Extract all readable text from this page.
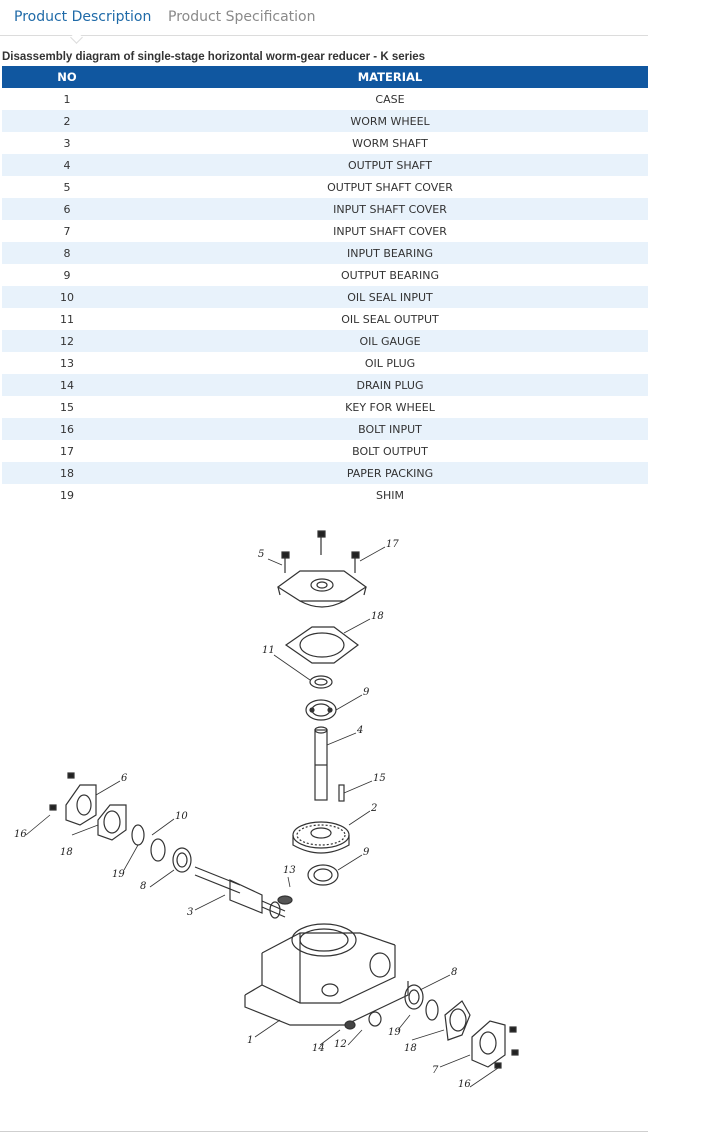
Product Description Product Specification
Disassembly diagram of single-stage horizontal worm-gear reducer - K series
NO	MATERIAL
1	CASE
2	WORM WHEEL
3	WORM SHAFT
4	OUTPUT SHAFT
5	OUTPUT SHAFT COVER
6	INPUT SHAFT COVER
7	INPUT SHAFT COVER
8	INPUT BEARING
9	OUTPUT BEARING
10	OIL SEAL INPUT
11	OIL SEAL OUTPUT
12	OIL GAUGE
13	OIL PLUG
14	DRAIN PLUG
15	KEY FOR WHEEL
16	BOLT INPUT
17	BOLT OUTPUT
18	PAPER PACKING
19	SHIM
5
17
18
11
9
4
15
2
9
13
6
16
18
10
19
8
3
1
14 12
19
8
18
7
16
